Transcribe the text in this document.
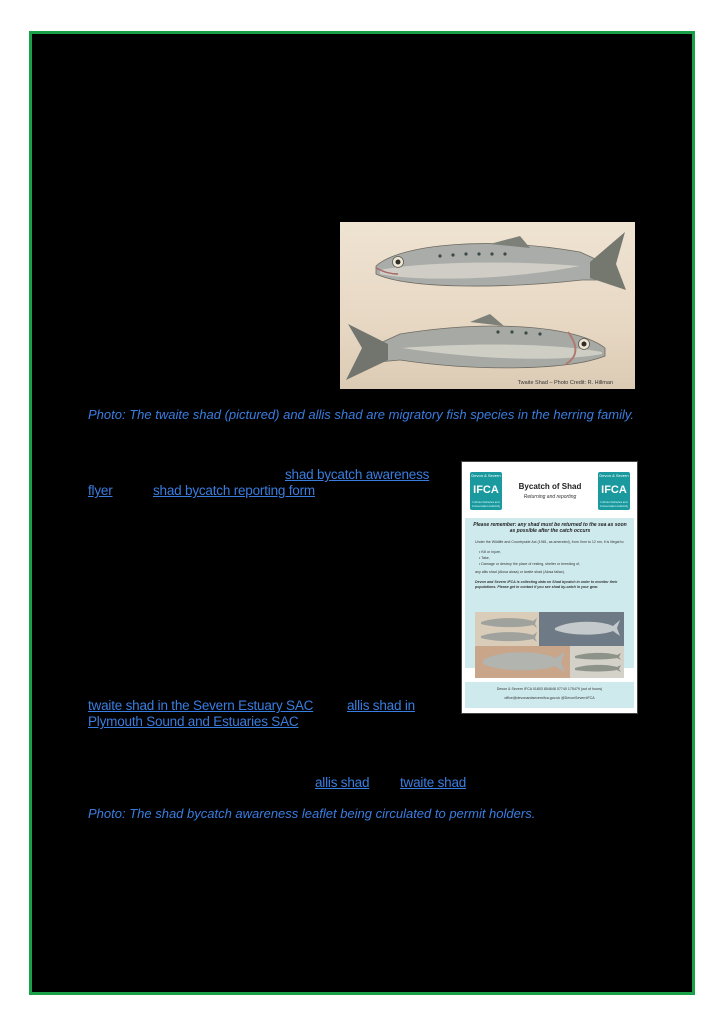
Twaite Shad – Photo Credit: R. Hillman
Photo: The twaite shad (pictured) and allis shad are migratory fish species in the herring family.
shad bycatch awareness
flyer	shad bycatch reporting form
twaite shad in the Severn Estuary SAC	allis shad in
Plymouth Sound and Estuaries SAC
allis shad twaite shad
Photo: The shad bycatch awareness leaflet being circulated to permit holders.
Devon & Severn
IFCA
Inshore Fisheries and Conservation Authority
Bycatch of Shad
Returning and reporting
Devon & Severn
IFCA
Inshore Fisheries and Conservation Authority
Please remember: any shad must be returned to the sea as soon as possible after the catch occurs
Under the Wildlife and Countryside Act (1981, as amended), from 0nm to 12 nm, it is illegal to:
• Kill or injure,
• Take,
• Damage or destroy the place of resting, shelter or breeding of,
any allis shad (Alosa alosa) or twaite shad (Alosa fallax).
Devon and Severn IFCA is collecting data on Shad bycatch in order to monitor their populations. Please get in contact if you see shad by-catch in your gear.
Devon & Severn IFCA 01803 854648 07740 175479 (out of hours)
office@devonandsevernifca.gov.uk @DevonSevernIFCA
